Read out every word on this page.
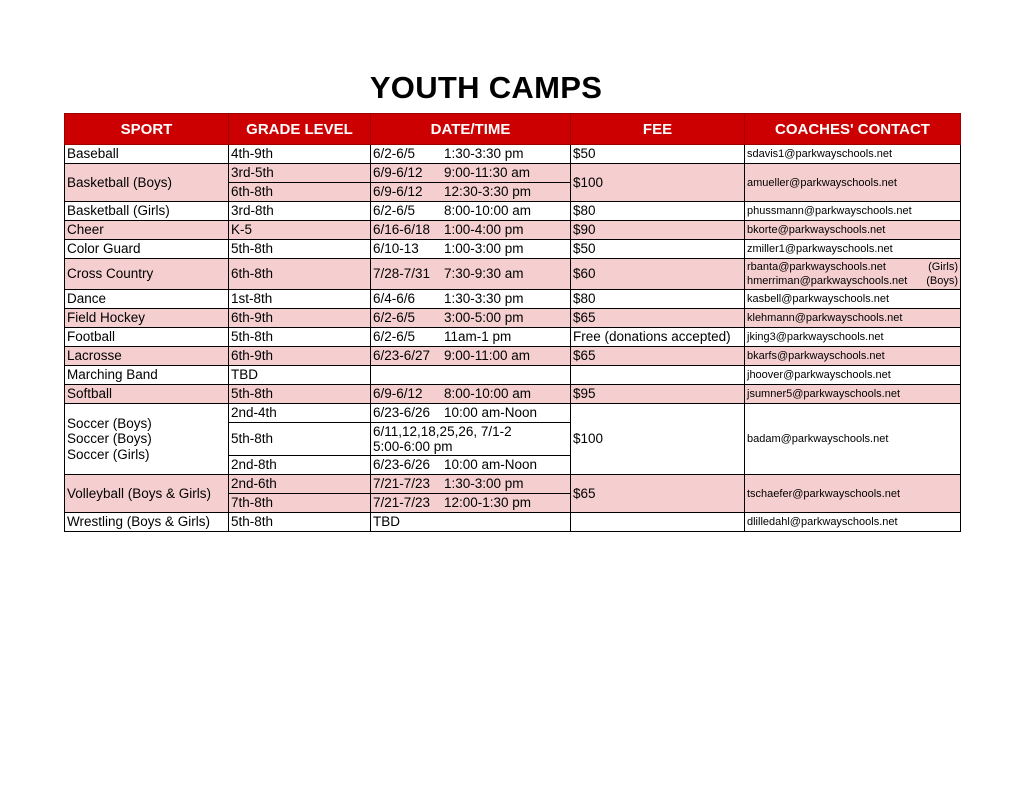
YOUTH CAMPS
SPORT	GRADE LEVEL	DATE/TIME	FEE	COACHES' CONTACT
Baseball	4th-9th	6/2-6/5 1:30-3:30 pm	$50	sdavis1@parkwayschools.net
Basketball (Boys)	3rd-5th	6/9-6/12 9:00-11:30 am	$100	amueller@parkwayschools.net
	6th-8th	6/9-6/12 12:30-3:30 pm		
Basketball (Girls)	3rd-8th	6/2-6/5 8:00-10:00 am	$80	phussmann@parkwayschools.net
Cheer	K-5	6/16-6/18 1:00-4:00 pm	$90	bkorte@parkwayschools.net
Color Guard	5th-8th	6/10-13 1:00-3:00 pm	$50	zmiller1@parkwayschools.net
Cross Country	6th-8th	7/28-7/31 7:30-9:30 am	$60	rbanta@parkwayschools.net (Girls)
hmerriman@parkwayschools.net (Boys)

Dance	1st-8th	6/4-6/6 1:30-3:30 pm	$80	kasbell@parkwayschools.net
Field Hockey	6th-9th	6/2-6/5 3:00-5:00 pm	$65	klehmann@parkwayschools.net
Football	5th-8th	6/2-6/5 11am-1 pm	Free (donations accepted)	jking3@parkwayschools.net
Lacrosse	6th-9th	6/23-6/27 9:00-11:00 am	$65	bkarfs@parkwayschools.net
Marching Band	TBD			jhoover@parkwayschools.net
Softball	5th-8th	6/9-6/12 8:00-10:00 am	$95	jsumner5@parkwayschools.net

Soccer (Boys)
Soccer (Boys)
Soccer (Girls)	2nd-4th	6/23-6/26 10:00 am-Noon	$100	badam@parkwayschools.net
	5th-8th	6/11,12,18,25,26, 7/1-2
5:00-6:00 pm		

	2nd-8th	6/23-6/26 10:00 am-Noon		
Volleyball (Boys & Girls)	2nd-6th	7/21-7/23 1:30-3:00 pm	$65	tschaefer@parkwayschools.net
	7th-8th	7/21-7/23 12:00-1:30 pm		
Wrestling (Boys & Girls)	5th-8th	TBD		dlilledahl@parkwayschools.net
